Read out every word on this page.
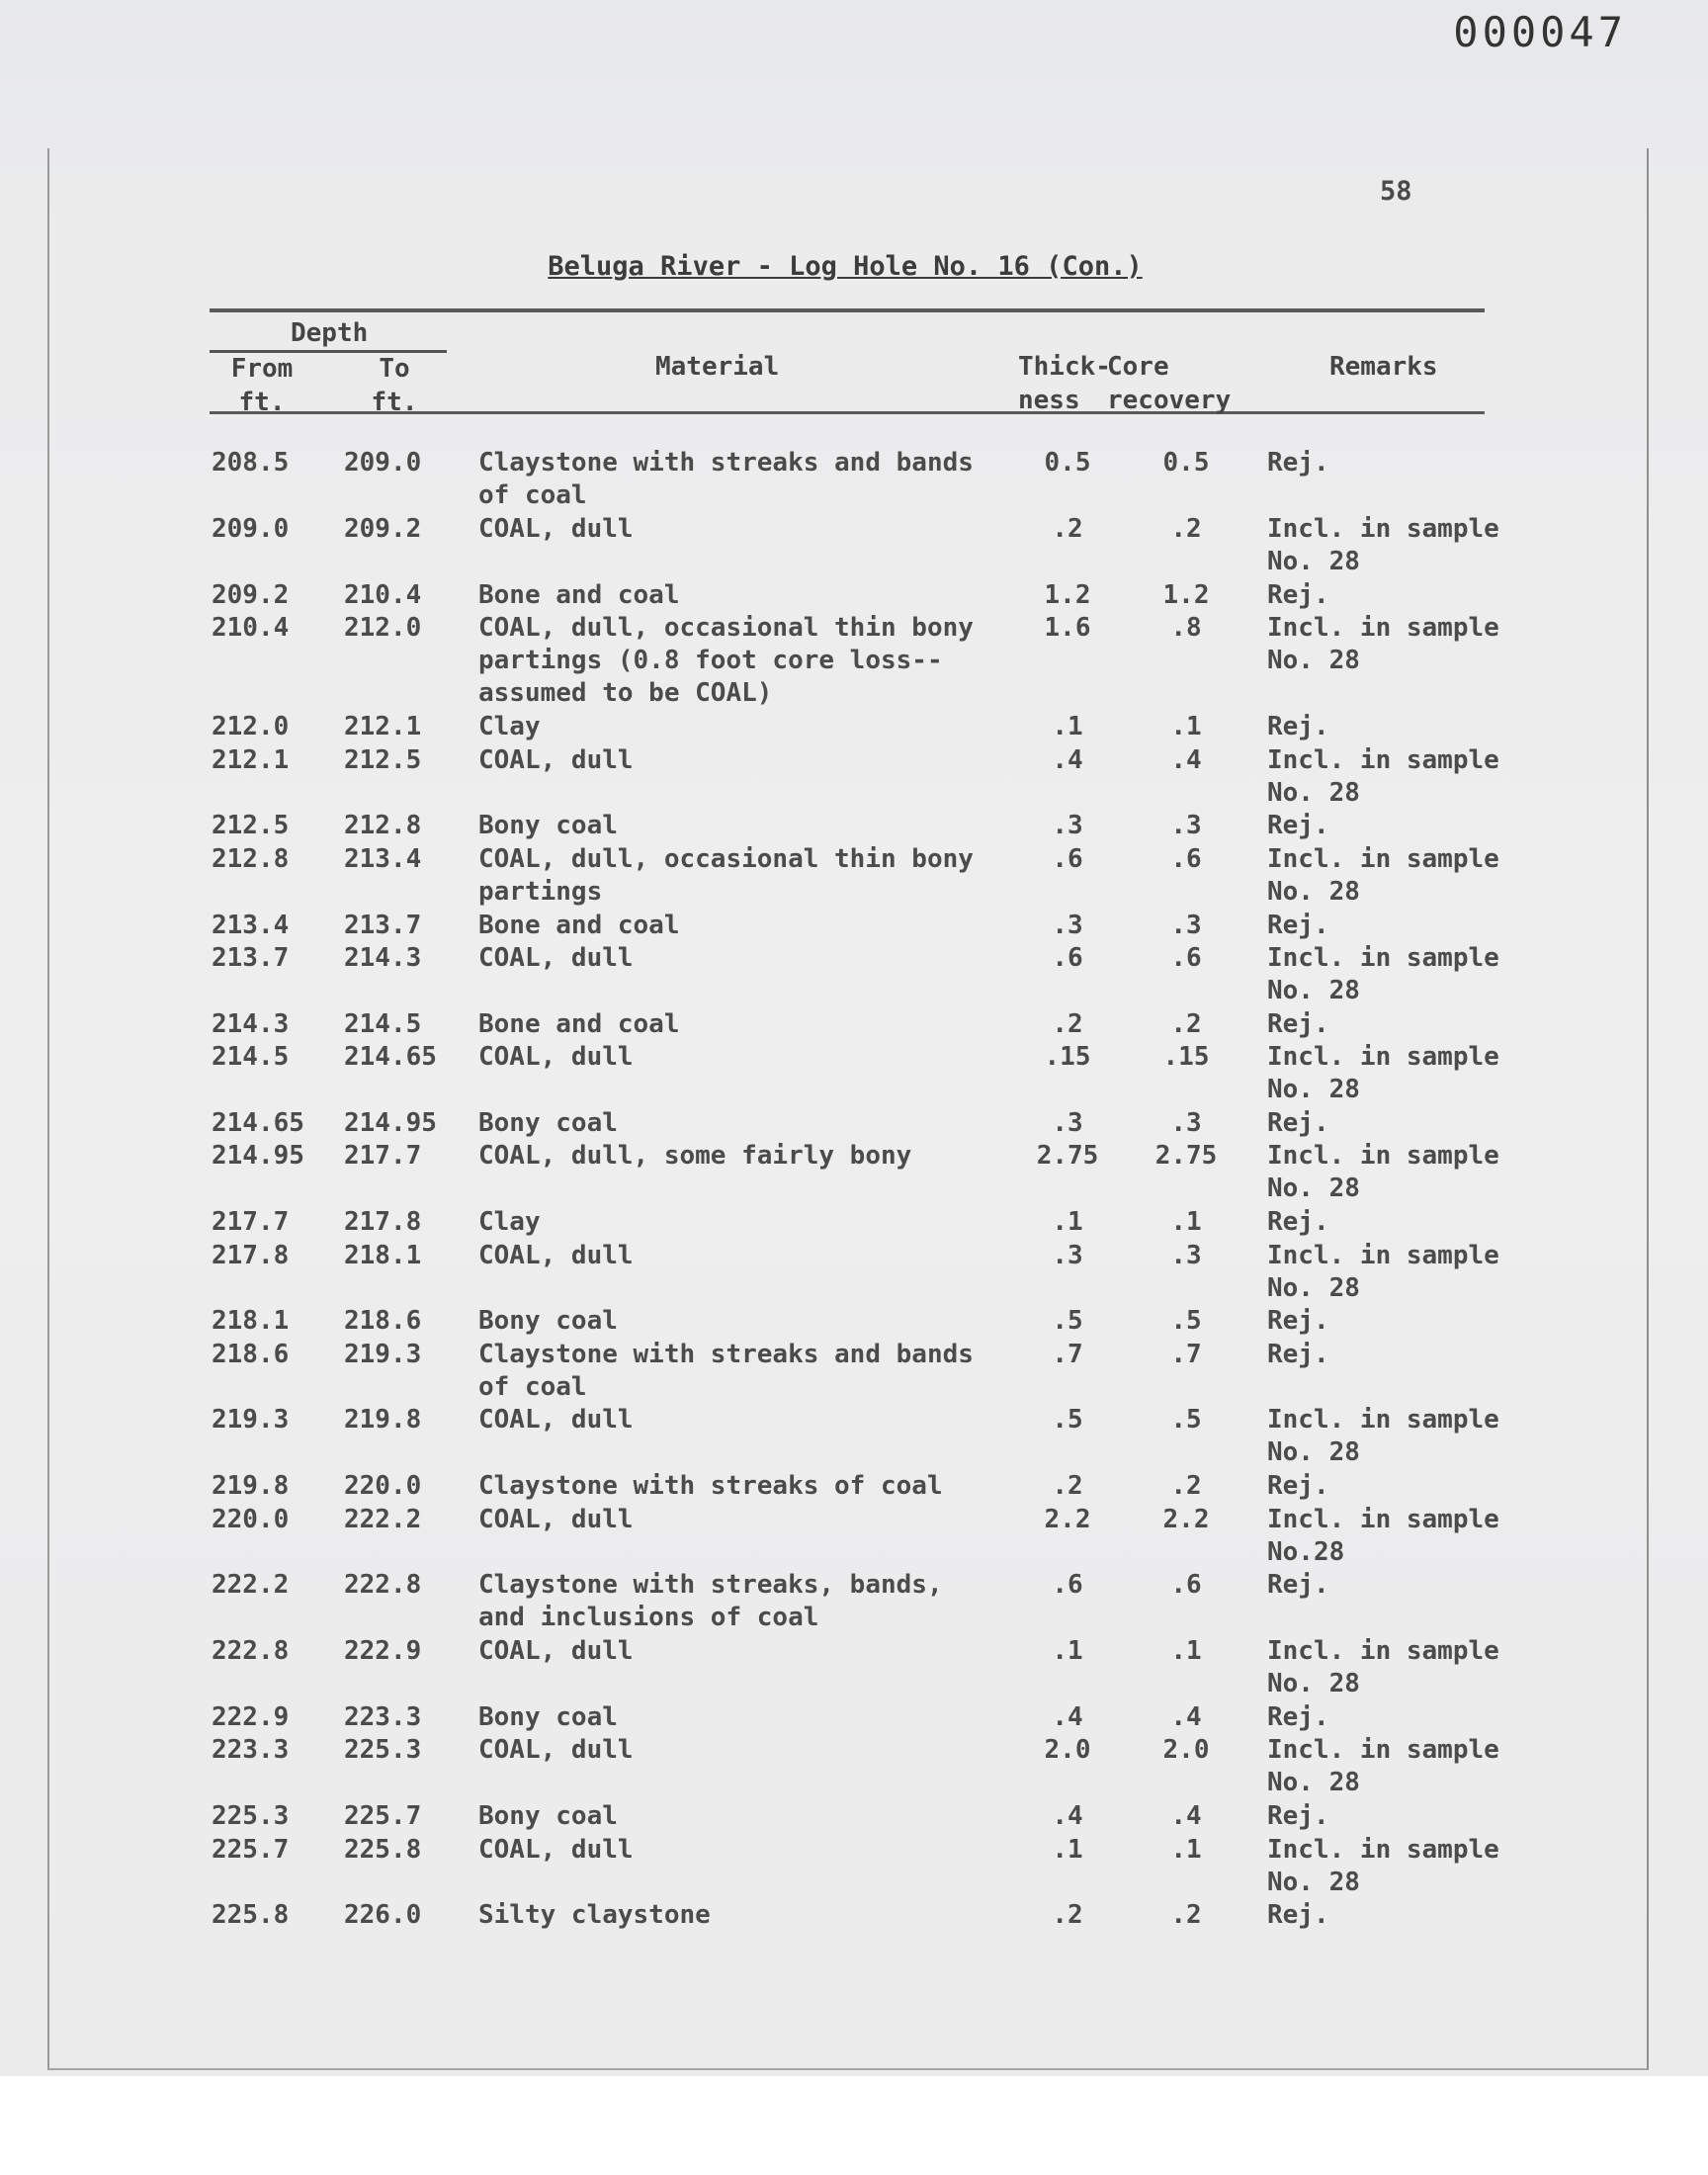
000047
58
Beluga River - Log Hole No. 16 (Con.)
Depth
From
ft.
To
ft.
Material	Thick-
ness
Core
recovery
Remarks
208.5	209.0	Claystone with streaks and bands
of coal
0.5	0.5	Rej.
209.0	209.2	COAL, dull	.2	.2	Incl. in sample
No. 28
209.2	210.4	Bone and coal	1.2	1.2	Rej.
210.4	212.0	COAL, dull, occasional thin bony
partings (0.8 foot core loss--
assumed to be COAL)
1.6	.8	Incl. in sample
No. 28
212.0	212.1	Clay	.1	.1	Rej.
212.1	212.5	COAL, dull	.4	.4	Incl. in sample
No. 28
212.5	212.8	Bony coal	.3	.3	Rej.
212.8	213.4	COAL, dull, occasional thin bony
partings
.6	.6	Incl. in sample
No. 28
213.4	213.7	Bone and coal	.3	.3	Rej.
213.7	214.3	COAL, dull	.6	.6	Incl. in sample
No. 28
214.3	214.5	Bone and coal	.2	.2	Rej.
214.5	214.65	COAL, dull	.15	.15	Incl. in sample
No. 28
214.65 214.95	Bony coal	.3	.3	Rej.
214.95 217.7	COAL, dull, some fairly bony	2.75	2.75	Incl. in sample
No. 28
217.7	217.8	Clay	.1	.1	Rej.
217.8	218.1	COAL, dull	.3	.3	Incl. in sample
No. 28
218.1	218.6	Bony coal	.5	.5	Rej.
218.6	219.3	Claystone with streaks and bands
of coal
.7	.7	Rej.
219.3	219.8	COAL, dull	.5	.5	Incl. in sample
No. 28
219.8	220.0	Claystone with streaks of coal	.2	.2	Rej.
220.0	222.2	COAL, dull	2.2	2.2	Incl. in sample
No.28
222.2	222.8	Claystone with streaks, bands,
and inclusions of coal
.6	.6	Rej.
222.8	222.9	COAL, dull	.1	.1	Incl. in sample
No. 28
222.9	223.3	Bony coal	.4	.4	Rej.
223.3	225.3	COAL, dull	2.0	2.0	Incl. in sample
No. 28
225.3	225.7	Bony coal	.4	.4	Rej.
225.7	225.8	COAL, dull	.1	.1	Incl. in sample
No. 28
225.8	226.0	Silty claystone	.2	.2	Rej.
